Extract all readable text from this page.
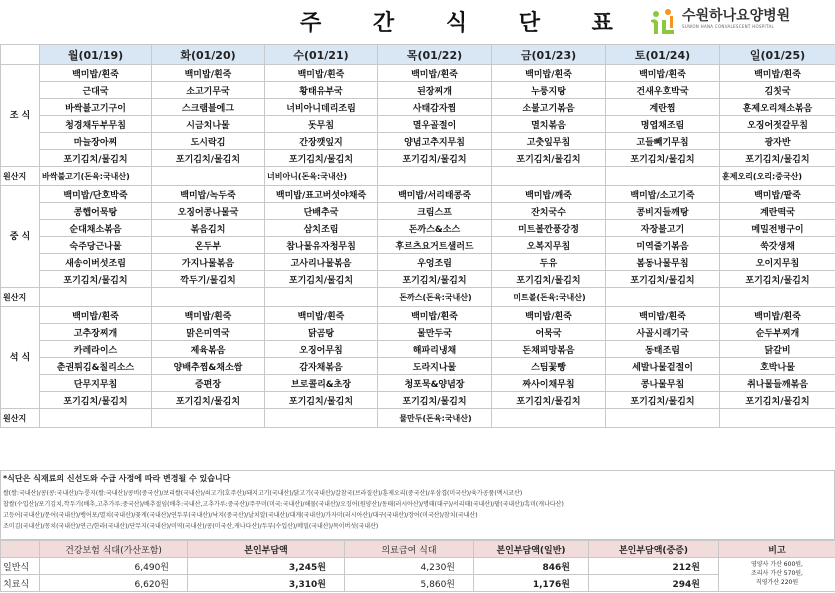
주 간 식 단 표	수원하나요양병원
SUWON HANA CONVALESCENT HOSPITAL
	월(01/19)	화(01/20)	수(01/21)	목(01/22)	금(01/23)	토(01/24)	일(01/25)
조 식	백미밥/흰죽	백미밥/흰죽	백미밥/흰죽	백미밥/흰죽	백미밥/흰죽	백미밥/흰죽	백미밥/흰죽
	근대국	소고기무국	황태유부국	된장찌개	누룽지탕	건새우호박국	김칫국
	바싹불고기구이	스크램블에그	너비아니데리조림	사태감자찜	소불고기볶음	계란찜	훈제오리채소볶음
	청경채두부무침	시금치나물	돗무침	멸우골절이	멸치볶음	명엽채조림	오징어젓갈무침
	마늘장아찌	도시락김	간장깻잎지	양념고추지무침	고춧잎무침	고들빼기무침	광자반
	포기김치/물김치	포기김치/물김치	포기김치/물김치	포기김치/물김치	포기김치/물김치	포기김치/물김치	포기김치/물김치
원산지	바싹불고기(돈육:국내산)		너비아니(돈육:국내산)				훈제오리(오리:중국산)
중 식	백미밥/단호박죽	백미밥/녹두죽	백미밥/표고버섯야채죽	백미밥/서리태콩죽	백미밥/깨죽	백미밥/소고기죽	백미밥/팥죽
	콩햅어묵탕	오징어콩나물국	단배추국	크림스프	잔치국수	콩비지들깨탕	계란떡국
	순대채소볶음	볶음김치	삼치조림	돈까스&소스	미트볼깐풍강정	자장불고기	메밀전병구이
	숙주당근나물	온두부	참나물유자청무침	후르츠요거트샐러드	오복지무침	미역줄기볶음	쑥갓생채
	새송이버섯조림	가지나물볶음	고사리나물볶음	우엉조림	두유	봄동나물무침	오이지무침
	포기김치/물김치	깍두기/물김치	포기김치/물김치	포기김치/물김치	포기김치/물김치	포기김치/물김치	포기김치/물김치
원산지				돈까스(돈육:국내산)	미트볼(돈육:국내산)		
석 식	백미밥/흰죽	백미밥/흰죽	백미밥/흰죽	백미밥/흰죽	백미밥/흰죽	백미밥/흰죽	백미밥/흰죽
	고추장찌개	맑은미역국	닭곰탕	물만두국	어묵국	사골시래기국	순두부찌개
	카레라이스	제육볶음	오징어무침	해파리냉채	돈채피망볶음	동태조림	닭갈비
	춘권튀김&칠리소스	양배추찜&채소쌈	감자채볶음	도라지나물	스팀꽃빵	세발나물겉절이	호박나물
	단무지무침	증편장	브로콜리&초장	청포묵&양념장	짜사이채무침	콩나물무침	취나물들깨볶음
	포기김치/물김치	포기김치/물김치	포기김치/물김치	포기김치/물김치	포기김치/물김치	포기김치/물김치	포기김치/물김치
원산지				물만두(돈육:국내산)			
*식단은 식재료의 신선도와 수급 사정에 따라 변경될 수 있습니다
쌀(쌀:국내산)/콩(콩:국내산)/누룽지(쌀:국내산)/콩비(중국산)/보리쌀(국내산)/쇠고기(호주산)/돼지고기(국내산)/닭고기(국내산)/갈참국(브라질산)/훈제오리(중국산)/우삼겹(미국산)/육가공품(멕시코산)
찹쌀(수입산)/포기김치,깍두기(배추,고추가루:중국산)/배추절임(배추:국내산,고추가루:중국산)/주꾸미(미국:국내산)/해물(국내산)/오징어(원양산)/동태(러시아산)/명태(대구)/서리태(국내산)/팥(국내산)/흑미(캐나다산)
고등어(국내산)/문어(국내산)/뱅어포/멸치(국내산)/꽃게(국내산)/연두부(국내산)/낙지(중국산)/날치알(국내산)/대게(국내산)/가자미(러시아산)/대구(국내산)/장어(미국산)/참치(국내산)
조미김(국내산)/꽁치(국내산)/연근/한라(국내산)/단무지(국내산)/미역(국내산)/콩(미국산,캐나다산)/두부(수입산)/메밀(국내산)/목이버섯(국내산)
	건강보험 식대(가산포함)	본인부담액	의료급여 식대	본인부담액(일반)	본인부담액(중증)	비고
일반식	6,490원	3,245원	4,230원	846원	212원	영양사 가산 600원,
조리사 가산 570원,
직영가산 220원

치료식	6,620원	3,310원	5,860원	1,176원	294원	
